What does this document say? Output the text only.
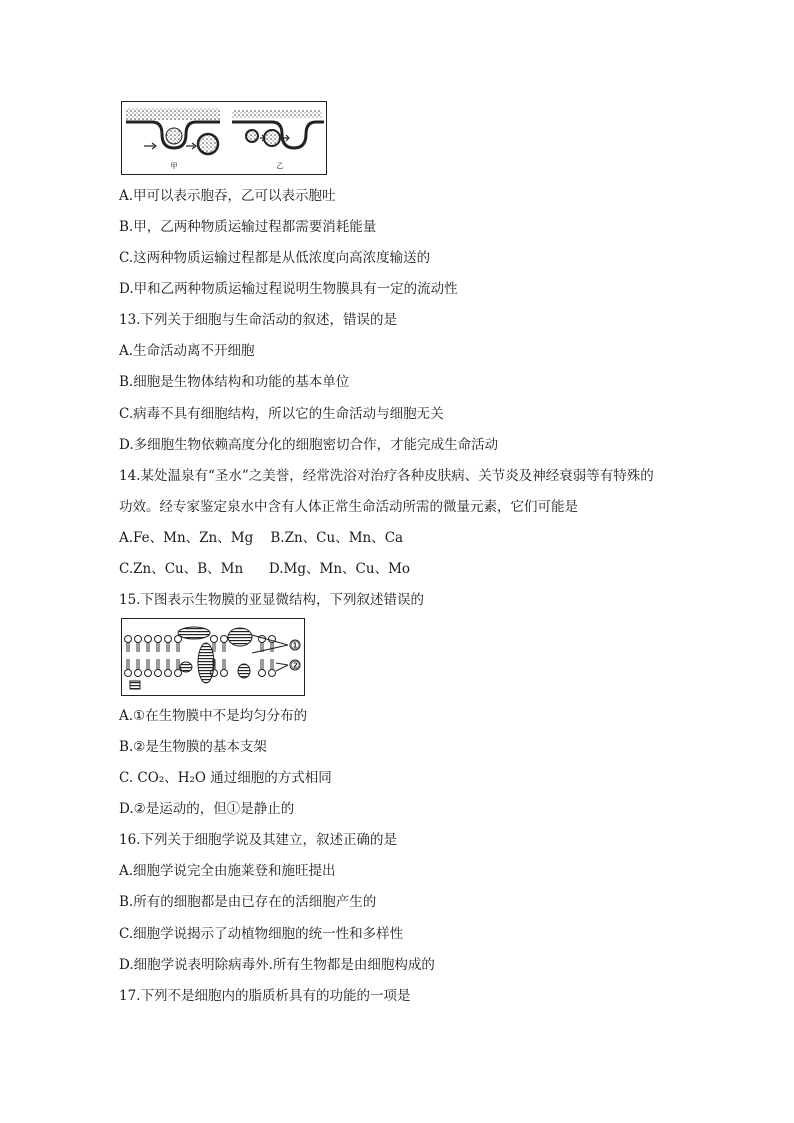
甲	乙
A.甲可以表示胞吞，乙可以表示胞吐
B.甲，乙两种物质运输过程都需要消耗能量
C.这两种物质运输过程都是从低浓度向高浓度输送的
D.甲和乙两种物质运输过程说明生物膜具有一定的流动性
13.下列关于细胞与生命活动的叙述，错误的是
A.生命活动离不开细胞
B.细胞是生物体结构和功能的基本单位
C.病毒不具有细胞结构，所以它的生命活动与细胞无关
D.多细胞生物依赖高度分化的细胞密切合作，才能完成生命活动
14.某处温泉有“圣水”之美誉，经常洗浴对治疗各种皮肤病、关节炎及神经衰弱等有特殊的
功效。经专家鉴定泉水中含有人体正常生命活动所需的微量元素，它们可能是
A.Fe、Mn、Zn、Mg    B.Zn、Cu、Mn、Ca
C.Zn、Cu、B、Mn      D.Mg、Mn、Cu、Mo
15.下图表示生物膜的亚显微结构，下列叙述错误的
①
②
A.①在生物膜中不是均匀分布的
B.②是生物膜的基本支架
C. CO₂、H₂O 通过细胞的方式相同
D.②是运动的，但①是静止的
16.下列关于细胞学说及其建立，叙述正确的是
A.细胞学说完全由施莱登和施旺提出
B.所有的细胞都是由已存在的活细胞产生的
C.细胞学说揭示了动植物细胞的统一性和多样性
D.细胞学说表明除病毒外.所有生物都是由细胞构成的
17.下列不是细胞内的脂质析具有的功能的一项是
